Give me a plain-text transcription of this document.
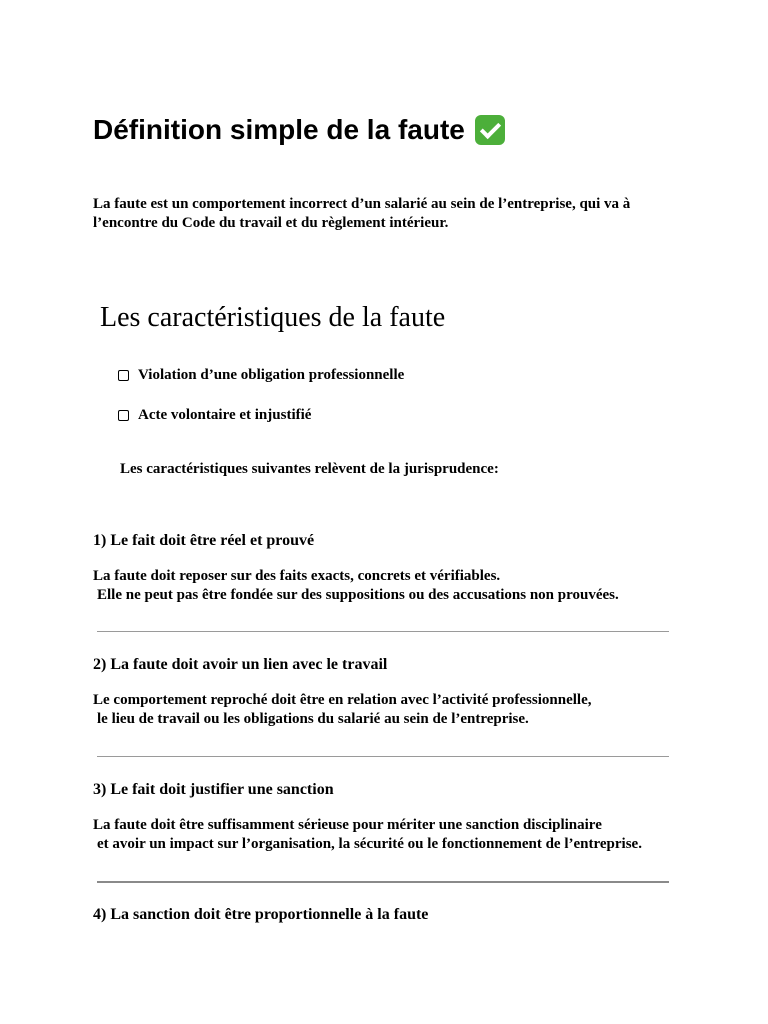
Définition simple de la faute
La faute est un comportement incorrect d’un salarié au sein de l’entreprise, qui va à
l’encontre du Code du travail et du règlement intérieur.
Les caractéristiques de la faute
Violation d’une obligation professionnelle
Acte volontaire et injustifié
Les caractéristiques suivantes relèvent de la jurisprudence:
1) Le fait doit être réel et prouvé
La faute doit reposer sur des faits exacts, concrets et vérifiables.
Elle ne peut pas être fondée sur des suppositions ou des accusations non prouvées.
2) La faute doit avoir un lien avec le travail
Le comportement reproché doit être en relation avec l’activité professionnelle,
le lieu de travail ou les obligations du salarié au sein de l’entreprise.
3) Le fait doit justifier une sanction
La faute doit être suffisamment sérieuse pour mériter une sanction disciplinaire
et avoir un impact sur l’organisation, la sécurité ou le fonctionnement de l’entreprise.
4) La sanction doit être proportionnelle à la faute
